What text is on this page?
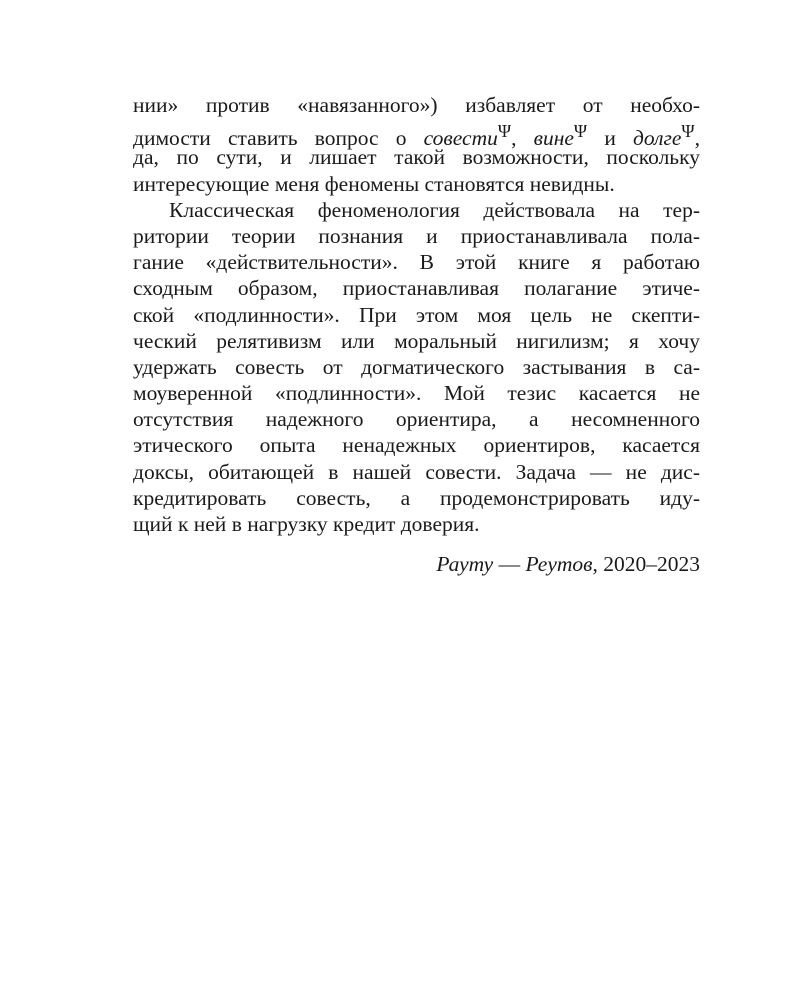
нии» против «навязанного») избавляет от необхо-
димости ставить вопрос о совести$^\Psi$, вине$^\Psi$ и долге$^\Psi$,
да, по сути, и лишает такой возможности, поскольку
интересующие меня феномены становятся невидны.
Классическая феноменология действовала на тер-
ритории теории познания и приостанавливала пола-
гание «действительности». В этой книге я работаю
сходным образом, приостанавливая полагание этиче-
ской «подлинности». При этом моя цель не скепти-
ческий релятивизм или моральный нигилизм; я хочу
удержать совесть от догматического застывания в са-
моуверенной «подлинности». Мой тезис касается не
отсутствия надежного ориентира, а несомненного
этического опыта ненадежных ориентиров, касается
доксы, обитающей в нашей совести. Задача — не дис-
кредитировать совесть, а продемонстрировать иду-
щий к ней в нагрузку кредит доверия.
Рауту — Реутов, 2020–2023
